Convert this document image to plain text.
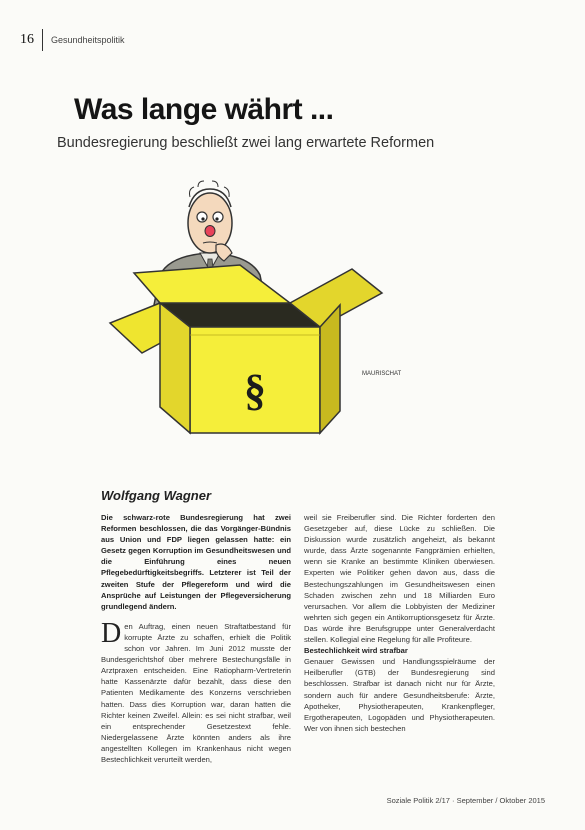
16	Gesundheitspolitik
Was lange währt ...
Bundesregierung beschließt zwei lang erwartete Reformen
§	MAURISCHAT
Wolfgang Wagner

Die schwarz-rote Bundesregierung hat zwei Reformen beschlossen, die das Vorgänger-Bündnis aus Union und FDP liegen gelassen hatte: ein Gesetz gegen Korruption im Gesundheitswesen und die Einführung eines neuen Pflegebedürftigkeitsbegriffs. Letzterer ist Teil der zweiten Stufe der Pflegereform und wird die Ansprüche auf Leistungen der Pflegeversicherung grundlegend ändern.

D en Auftrag, einen neuen Straftatbestand für korrupte Ärzte zu schaffen, erhielt die Politik schon vor Jahren. Im Juni 2012 musste der Bundesgerichtshof über mehrere Bestechungsfälle in Arztpraxen entscheiden. Eine Ratiopharm-Vertreterin hatte Kassenärzte dafür bezahlt, dass diese den Patienten Medikamente des Konzerns verschrieben hatten. Dass dies Korruption war, daran hatten die Richter keinen Zweifel. Allein: es sei nicht strafbar, weil ein entsprechender Gesetzestext fehle. Niedergelassene Ärzte könnten anders als ihre angestellten Kollegen im Krankenhaus nicht wegen Bestechlichkeit verurteilt werden,

weil sie Freiberufler sind. Die Richter forderten den Gesetzgeber auf, diese Lücke zu schließen. Die Diskussion wurde zusätzlich angeheizt, als bekannt wurde, dass Ärzte sogenannte Fangprämien erhielten, wenn sie Kranke an bestimmte Kliniken überwiesen. Experten wie Politiker gehen davon aus, dass die Bestechungszahlungen im Gesundheitswesen einen Schaden zwischen zehn und 18 Milliarden Euro verursachen. Vor allem die Lobbyisten der Mediziner wehrten sich gegen ein Antikorruptionsgesetz für Ärzte. Das würde ihre Berufsgruppe unter Generalverdacht stellen. Kollegial eine Regelung für alle Profiteure.

Bestechlichkeit wird strafbar

Genauer Gewissen und Handlungsspielräume der Heilberufler (GTB) der Bundesregierung sind beschlossen. Strafbar ist danach nicht nur für Ärzte, sondern auch für andere Gesundheitsberufe: Ärzte, Apotheker, Physiotherapeuten, Krankenpfleger, Ergotherapeuten, Logopäden und Physiotherapeuten. Wer von ihnen sich bestechen

Soziale Politik 2/17 · September / Oktober 2015
